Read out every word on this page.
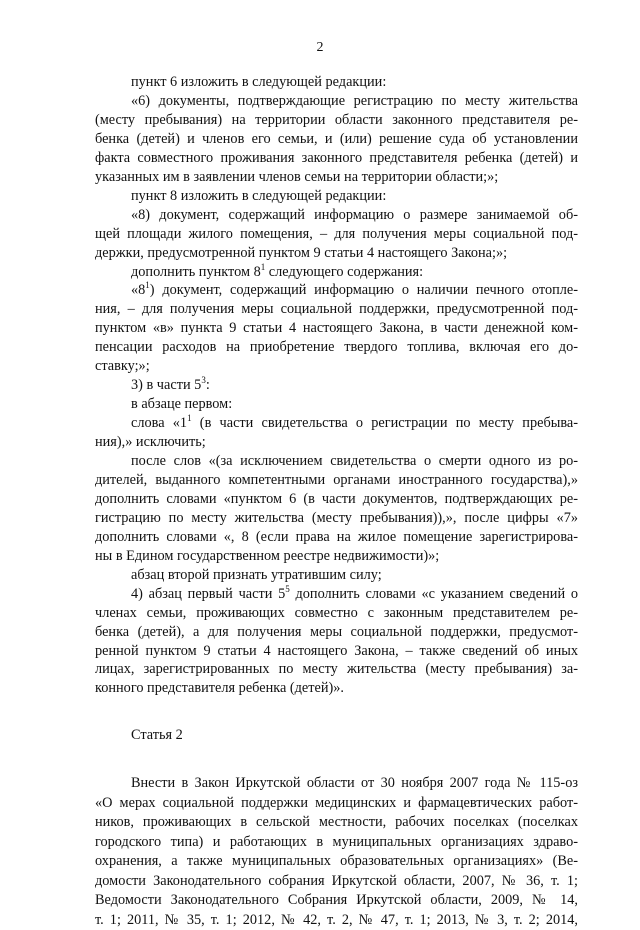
2
пункт 6 изложить в следующей редакции:
«6) документы, подтверждающие регистрацию по месту жительства
(месту пребывания) на территории области законного представителя ре-
бенка (детей) и членов его семьи, и (или) решение суда об установлении
факта совместного проживания законного представителя ребенка (детей) и
указанных им в заявлении членов семьи на территории области;»;
пункт 8 изложить в следующей редакции:
«8) документ, содержащий информацию о размере занимаемой об-
щей площади жилого помещения, – для получения меры социальной под-
держки, предусмотренной пунктом 9 статьи 4 настоящего Закона;»;
дополнить пунктом $8^1$ следующего содержания:
«$8^1$) документ, содержащий информацию о наличии печного отопле-
ния, – для получения меры социальной поддержки, предусмотренной под-
пунктом «в» пункта 9 статьи 4 настоящего Закона, в части денежной ком-
пенсации расходов на приобретение твердого топлива, включая его до-
ставку;»;
3) в части $5^3$:
в абзаце первом:
слова «$1^1$ (в части свидетельства о регистрации по месту пребыва-
ния),» исключить;
после слов «(за исключением свидетельства о смерти одного из ро-
дителей, выданного компетентными органами иностранного государства),»
дополнить словами «пунктом 6 (в части документов, подтверждающих ре-
гистрацию по месту жительства (месту пребывания)),», после цифры «7»
дополнить словами «, 8 (если права на жилое помещение зарегистрирова-
ны в Едином государственном реестре недвижимости)»;
абзац второй признать утратившим силу;
4) абзац первый части $5^5$ дополнить словами «с указанием сведений о
членах семьи, проживающих совместно с законным представителем ре-
бенка (детей), а для получения меры социальной поддержки, предусмот-
ренной пунктом 9 статьи 4 настоящего Закона, – также сведений об иных
лицах, зарегистрированных по месту жительства (месту пребывания) за-
конного представителя ребенка (детей)».
Статья 2
Внести в Закон Иркутской области от 30 ноября 2007 года № 115-оз
«О мерах социальной поддержки медицинских и фармацевтических работ-
ников, проживающих в сельской местности, рабочих поселках (поселках
городского типа) и работающих в муниципальных организациях здраво-
охранения, а также муниципальных образовательных организациях» (Ве-
домости Законодательного собрания Иркутской области, 2007, № 36, т. 1;
Ведомости Законодательного Собрания Иркутской области, 2009, № 14,
т. 1; 2011, № 35, т. 1; 2012, № 42, т. 2, № 47, т. 1; 2013, № 3, т. 2; 2014,
